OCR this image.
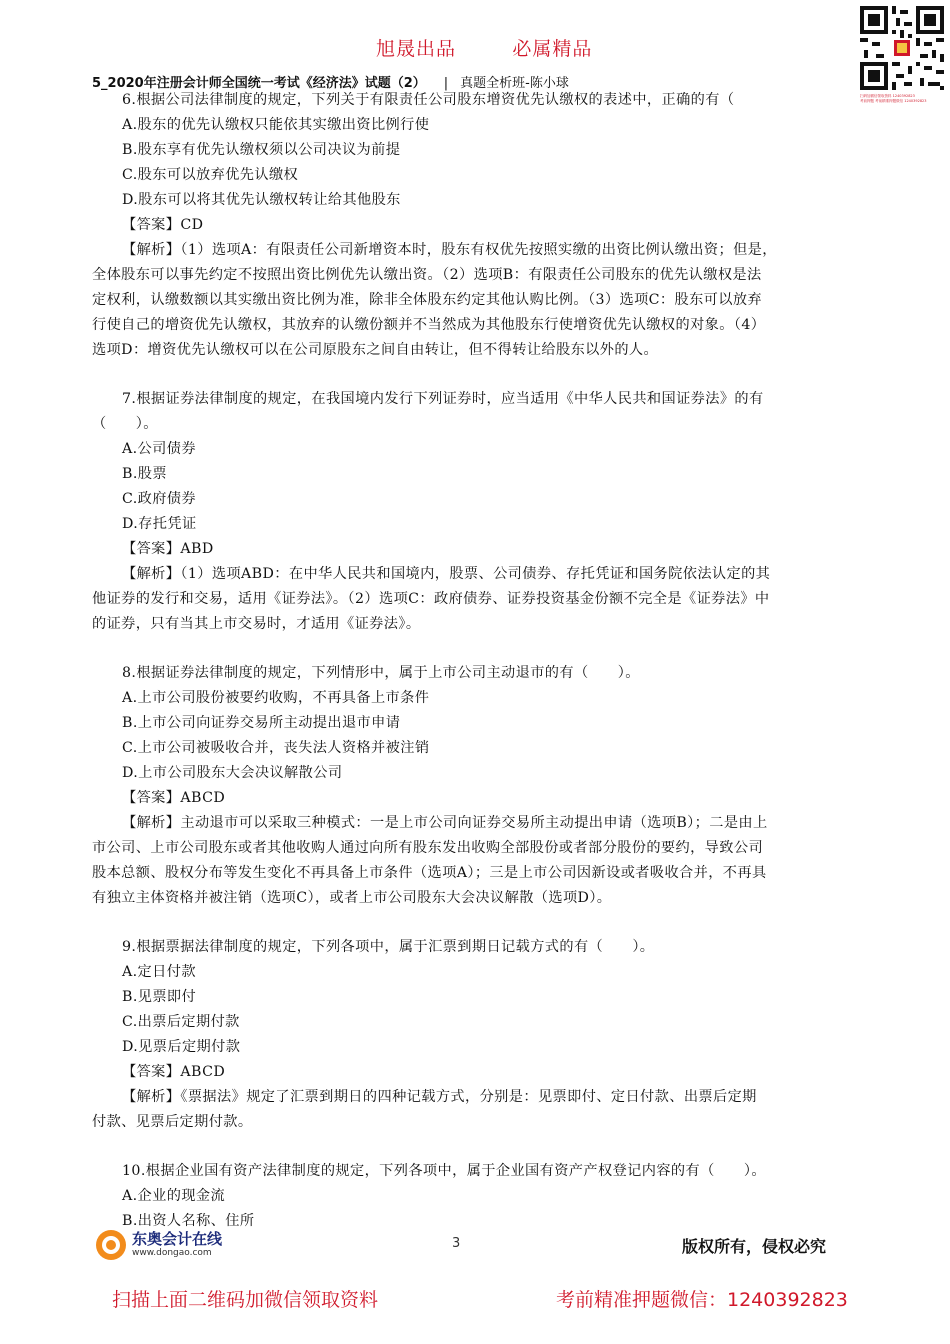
旭晟出品	必属精品
5_2020年注册会计师全国统一考试《经济法》试题（2） | 真题全析班-陈小球
扫码加微信领取资料 1240392823
考前押题 考前精准押题微信 1240392823
6.根据公司法律制度的规定，下列关于有限责任公司股东增资优先认缴权的表述中，正确的有（
A.股东的优先认缴权只能依其实缴出资比例行使
B.股东享有优先认缴权须以公司决议为前提
C.股东可以放弃优先认缴权
D.股东可以将其优先认缴权转让给其他股东
【答案】CD
【解析】（1）选项A：有限责任公司新增资本时，股东有权优先按照实缴的出资比例认缴出资；但是，
全体股东可以事先约定不按照出资比例优先认缴出资。（2）选项B：有限责任公司股东的优先认缴权是法
定权利，认缴数额以其实缴出资比例为准，除非全体股东约定其他认购比例。（3）选项C：股东可以放弃
行使自己的增资优先认缴权，其放弃的认缴份额并不当然成为其他股东行使增资优先认缴权的对象。（4）
选项D：增资优先认缴权可以在公司原股东之间自由转让，但不得转让给股东以外的人。
7.根据证券法律制度的规定，在我国境内发行下列证券时，应当适用《中华人民共和国证券法》的有
（　　）。
A.公司债券
B.股票
C.政府债券
D.存托凭证
【答案】ABD
【解析】（1）选项ABD：在中华人民共和国境内，股票、公司债券、存托凭证和国务院依法认定的其
他证券的发行和交易，适用《证券法》。（2）选项C：政府债券、证券投资基金份额不完全是《证券法》中
的证券，只有当其上市交易时，才适用《证券法》。
8.根据证券法律制度的规定，下列情形中，属于上市公司主动退市的有（　　）。
A.上市公司股份被要约收购，不再具备上市条件
B.上市公司向证券交易所主动提出退市申请
C.上市公司被吸收合并，丧失法人资格并被注销
D.上市公司股东大会决议解散公司
【答案】ABCD
【解析】主动退市可以采取三种模式：一是上市公司向证券交易所主动提出申请（选项B）；二是由上
市公司、上市公司股东或者其他收购人通过向所有股东发出收购全部股份或者部分股份的要约，导致公司
股本总额、股权分布等发生变化不再具备上市条件（选项A）；三是上市公司因新设或者吸收合并，不再具
有独立主体资格并被注销（选项C），或者上市公司股东大会决议解散（选项D）。
9.根据票据法律制度的规定，下列各项中，属于汇票到期日记载方式的有（　　）。
A.定日付款
B.见票即付
C.出票后定期付款
D.见票后定期付款
【答案】ABCD
【解析】《票据法》规定了汇票到期日的四种记载方式，分别是：见票即付、定日付款、出票后定期
付款、见票后定期付款。
10.根据企业国有资产法律制度的规定，下列各项中，属于企业国有资产产权登记内容的有（　　）。
A.企业的现金流
B.出资人名称、住所
东奥会计在线
www.dongao.com
3	版权所有，侵权必究
扫描上面二维码加微信领取资料	考前精准押题微信：1240392823
